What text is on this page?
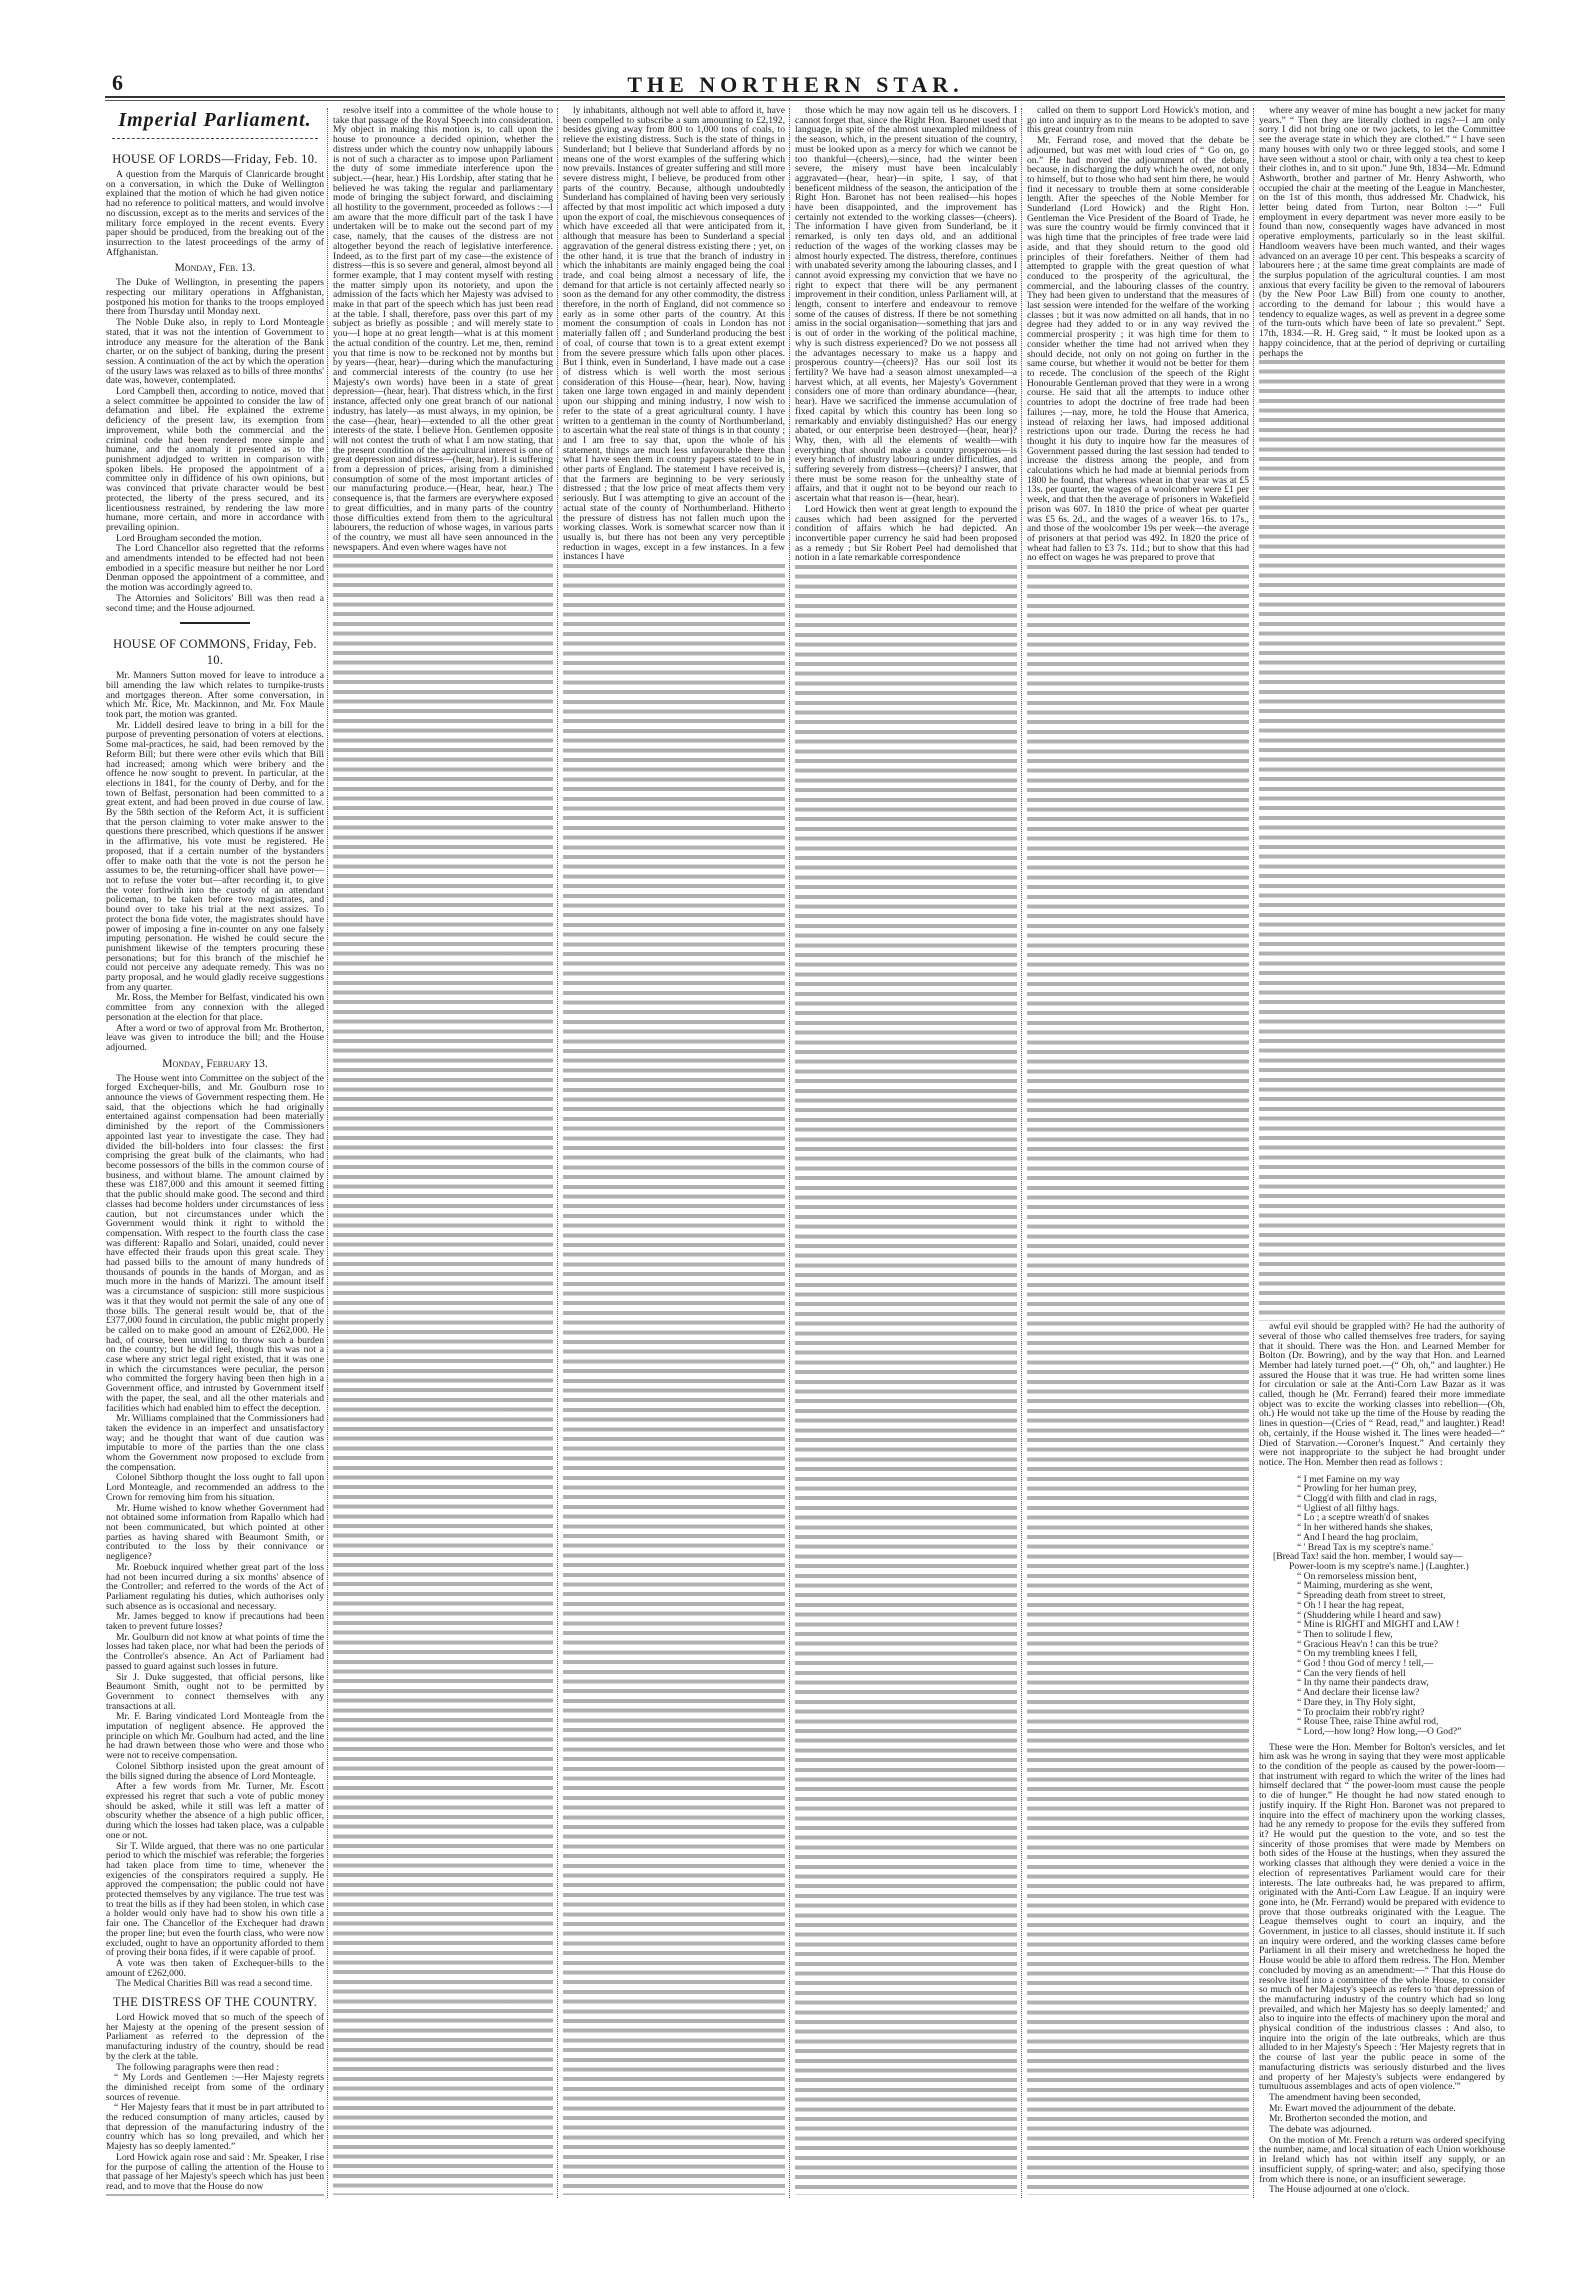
6	THE NORTHERN STAR.
Imperial Parliament.
HOUSE OF LORDS—Friday, Feb. 10.

A question from the Marquis of Clanricarde brought on a conversation, in which the Duke of Wellington explained that the motion of which he had given notice had no reference to political matters, and would involve no discussion, except as to the merits and services of the military force employed in the recent events. Every paper should be produced, from the breaking out of the insurrection to the latest proceedings of the army of Affghanistan.

Monday, Feb. 13.

The Duke of Wellington, in presenting the papers respecting our military operations in Affghanistan, postponed his motion for thanks to the troops employed there from Thursday until Monday next.

The Noble Duke also, in reply to Lord Monteagle stated, that it was not the intention of Government to introduce any measure for the alteration of the Bank charter, or on the subject of banking, during the present session. A continuation of the act by which the operation of the usury laws was relaxed as to bills of three months' date was, however, contemplated.

Lord Campbell then, according to notice, moved that a select committee be appointed to consider the law of defamation and libel. He explained the extreme deficiency of the present law, its exemption from improvement, while both the commercial and the criminal code had been rendered more simple and humane, and the anomaly it presented as to the punishment adjudged to written in comparison with spoken libels. He proposed the appointment of a committee only in diffidence of his own opinions, but was convinced that private character would be best protected, the liberty of the press secured, and its licentiousness restrained, by rendering the law more humane, more certain, and more in accordance with prevailing opinion.

Lord Brougham seconded the motion.

The Lord Chancellor also regretted that the reforms and amendments intended to be effected had not been embodied in a specific measure but neither he nor Lord Denman opposed the appointment of a committee, and the motion was accordingly agreed to.

The Attornies and Solicitors' Bill was then read a second time; and the House adjourned.

HOUSE OF COMMONS, Friday, Feb. 10.

Mr. Manners Sutton moved for leave to introduce a bill amending the law which relates to turnpike-trusts and mortgages thereon. After some conversation, in which Mr. Rice, Mr. Mackinnon, and Mr. Fox Maule took part, the motion was granted.

Mr. Liddell desired leave to bring in a bill for the purpose of preventing personation of voters at elections. Some mal-practices, he said, had been removed by the Reform Bill; but there were other evils which that Bill had increased; among which were bribery and the offence he now sought to prevent. In particular, at the elections in 1841, for the county of Derby, and for the town of Belfast, personation had been committed to a great extent, and had been proved in due course of law. By the 58th section of the Reform Act, it is sufficient that the person claiming to voter make answer to the questions there prescribed, which questions if he answer in the affirmative, his vote must be registered. He proposed, that if a certain number of the bystanders offer to make oath that the vote is not the person he assumes to be, the returning-officer shall have power—not to refuse the voter but—after recording it, to give the voter forthwith into the custody of an attendant policeman, to be taken before two magistrates, and bound over to take his trial at the next assizes. To protect the bona fide voter, the magistrates should have power of imposing a fine in-counter on any one falsely imputing personation. He wished he could secure the punishment likewise of the tempters procuring these personations; but for this branch of the mischief he could not perceive any adequate remedy. This was no party proposal, and he would gladly receive suggestions from any quarter.

Mr. Ross, the Member for Belfast, vindicated his own committee from any connexion with the alleged personation at the election for that place.

After a word or two of approval from Mr. Brotherton, leave was given to introduce the bill; and the House adjourned.

Monday, February 13.

The House went into Committee on the subject of the forged Exchequer-bills, and Mr. Goulburn rose to announce the views of Government respecting them. He said, that the objections which he had originally entertained against compensation had been materially diminished by the report of the Commissioners appointed last year to investigate the case. They had divided the bill-holders into four classes: the first comprising the great bulk of the claimants, who had become possessors of the bills in the common course of business, and without blame. The amount claimed by these was £187,000 and this amount it seemed fitting that the public should make good. The second and third classes had become holders under circumstances of less caution, but not circumstances under which the Government would think it right to withold the compensation. With respect to the fourth class the case was different: Rapallo and Solari, unaided, could never have effected their frauds upon this great scale. They had passed bills to the amount of many hundreds of thousands of pounds in the hands of Morgan, and as much more in the hands of Marizzi. The amount itself was a circumstance of suspicion: still more suspicious was it that they would not permit the sale of any one of those bills. The general result would be, that of the £377,000 found in circulation, the public might properly be called on to make good an amount of £262,000. He had, of course, been unwilling to throw such a burden on the country; but he did feel, though this was not a case where any strict legal right existed, that it was one in which the circumstances were peculiar, the person who committed the forgery having been then high in a Government office, and intrusted by Government itself with the paper, the seal, and all the other materials and facilities which had enabled him to effect the deception.

Mr. Williams complained that the Commissioners had taken the evidence in an imperfect and unsatisfactory way; and he thought that want of due caution was imputable to more of the parties than the one class whom the Government now proposed to exclude from the compensation.

Colonel Sibthorp thought the loss ought to fall upon Lord Monteagle, and recommended an address to the Crown for removing him from his situation.

Mr. Hume wished to know whether Government had not obtained some information from Rapallo which had not been communicated, but which pointed at other parties as having shared with Beaumont Smith, or contributed to the loss by their connivance or negligence?

Mr. Roebuck inquired whether great part of the loss had not been incurred during a six months' absence of the Controller; and referred to the words of the Act of Parliament regulating his duties, which authorises only such absence as is occasional and necessary.

Mr. James begged to know if precautions had been taken to prevent future losses?

Mr. Goulburn did not know at what points of time the losses had taken place, nor what had been the periods of the Controller's absence. An Act of Parliament had passed to guard against such losses in future.

Sir J. Duke suggested, that official persons, like Beaumont Smith, ought not to be permitted by Government to connect themselves with any transactions at all.

Mr. F. Baring vindicated Lord Monteagle from the imputation of negligent absence. He approved the principle on which Mr. Goulburn had acted, and the line he had drawn between those who were and those who were not to receive compensation.

Colonel Sibthorp insisted upon the great amount of the bills signed during the absence of Lord Monteagle.

After a few words from Mr. Turner, Mr. Escott expressed his regret that such a vote of public money should be asked, while it still was left a matter of obscurity whether the absence of a high public officer, during which the losses had taken place, was a culpable one or not.

Sir T. Wilde argued, that there was no one particular period to which the mischief was referable; the forgeries had taken place from time to time, whenever the exigencies of the conspirators required a supply. He approved the compensation; the public could not have protected themselves by any vigilance. The true test was to treat the bills as if they had been stolen, in which case a holder would only have had to show his own title a fair one. The Chancellor of the Exchequer had drawn the proper line; but even the fourth class, who were now excluded, ought to have an opportunity afforded to them of proving their bona fides, if it were capable of proof.

A vote was then taken of Exchequer-bills to the amount of £262,000.

The Medical Charities Bill was read a second time.

THE DISTRESS OF THE COUNTRY.

Lord Howick moved that so much of the speech of her Majesty at the opening of the present session of Parliament as referred to the depression of the manufacturing industry of the country, should be read by the clerk at the table.

The following paragraphs were then read :

“ My Lords and Gentlemen :—Her Majesty regrets the diminished receipt from some of the ordinary sources of revenue.

“ Her Majesty fears that it must be in part attributed to the reduced consumption of many articles, caused by that depression of the manufacturing industry of the country which has so long prevailed, and which her Majesty has so deeply lamented.”

Lord Howick again rose and said : Mr. Speaker, I rise for the purpose of calling the attention of the House to that passage of her Majesty's speech which has just been read, and to move that the House do now

resolve itself into a committee of the whole house to take that passage of the Royal Speech into consideration. My object in making this motion is, to call upon the house to pronounce a decided opinion, whether the distress under which the country now unhappily labours is not of such a character as to impose upon Parliament the duty of some immediate interference upon the subject.—(hear, hear.) His Lordship, after stating that he believed he was taking the regular and parliamentary mode of bringing the subject forward, and disclaiming all hostility to the government, proceeded as follows :—I am aware that the more difficult part of the task I have undertaken will be to make out the second part of my case, namely, that the causes of the distress are not altogether beyond the reach of legislative interference. Indeed, as to the first part of my case—the existence of distress—this is so severe and general, almost beyond all former example, that I may content myself with resting the matter simply upon its notoriety, and upon the admission of the facts which her Majesty was advised to make in that part of the speech which has just been read at the table. I shall, therefore, pass over this part of my subject as briefly as possible ; and will merely state to you—I hope at no great length—what is at this moment the actual condition of the country. Let me, then, remind you that time is now to be reckoned not by months but by years—(hear, hear)—during which the manufacturing and commercial interests of the country (to use her Majesty's own words) have been in a state of great depression—(hear, hear). That distress which, in the first instance, affected only one great branch of our national industry, has lately—as must always, in my opinion, be the case—(hear, hear)—extended to all the other great interests of the state. I believe Hon. Gentlemen opposite will not contest the truth of what I am now stating, that the present condition of the agricultural interest is one of great depression and distress—(hear, hear). It is suffering from a depression of prices, arising from a diminished consumption of some of the most important articles of our manufacturing produce.—(Hear, hear, hear.) The consequence is, that the farmers are everywhere exposed to great difficulties, and in many parts of the country those difficulties extend from them to the agricultural labourers, the reduction of whose wages, in various parts of the country, we must all have seen announced in the newspapers. And even where wages have not

ly inhabitants, although not well able to afford it, have been compelled to subscribe a sum amounting to £2,192, besides giving away from 800 to 1,000 tons of coals, to relieve the existing distress. Such is the state of things in Sunderland; but I believe that Sunderland affords by no means one of the worst examples of the suffering which now prevails. Instances of greater suffering and still more severe distress might, I believe, be produced from other parts of the country. Because, although undoubtedly Sunderland has complained of having been very seriously affected by that most impolitic act which imposed a duty upon the export of coal, the mischievous consequences of which have exceeded all that were anticipated from it, although that measure has been to Sunderland a special aggravation of the general distress existing there ; yet, on the other hand, it is true that the branch of industry in which the inhabitants are mainly engaged being the coal trade, and coal being almost a necessary of life, the demand for that article is not certainly affected nearly so soon as the demand for any other commodity, the distress therefore, in the north of England, did not commence so early as in some other parts of the country. At this moment the consumption of coals in London has not materially fallen off ; and Sunderland producing the best of coal, of course that town is to a great extent exempt from the severe pressure which falls upon other places. But I think, even in Sunderland, I have made out a case of distress which is well worth the most serious consideration of this House—(hear, hear). Now, having taken one large town engaged in and mainly dependent upon our shipping and mining industry, I now wish to refer to the state of a great agricultural county. I have written to a gentleman in the county of Northumberland, to ascertain what the real state of things is in that county ; and I am free to say that, upon the whole of his statement, things are much less unfavourable there than what I have seen them in country papers stated to be in other parts of England. The statement I have received is, that the farmers are beginning to be very seriously distressed ; that the low price of meat affects them very seriously. But I was attempting to give an account of the actual state of the county of Northumberland. Hitherto the pressure of distress has not fallen much upon the working classes. Work is somewhat scarcer now than it usually is, but there has not been any very perceptible reduction in wages, except in a few instances. In a few instances I have

those which he may now again tell us he discovers. I cannot forget that, since the Right Hon. Baronet used that language, in spite of the almost unexampled mildness of the season, which, in the present situation of the country, must be looked upon as a mercy for which we cannot be too thankful—(cheers),—since, had the winter been severe, the misery must have been incalculably aggravated—(hear, hear)—in spite, I say, of that beneficent mildness of the season, the anticipation of the Right Hon. Baronet has not been realised—his hopes have been disappointed, and the improvement has certainly not extended to the working classes—(cheers). The information I have given from Sunderland, be it remarked, is only ten days old, and an additional reduction of the wages of the working classes may be almost hourly expected. The distress, therefore, continues with unabated severity among the labouring classes, and I cannot avoid expressing my conviction that we have no right to expect that there will be any permanent improvement in their condition, unless Parliament will, at length, consent to interfere and endeavour to remove some of the causes of distress. If there be not something amiss in the social organisation—something that jars and is out of order in the working of the political machine, why is such distress experienced? Do we not possess all the advantages necessary to make us a happy and prosperous country—(cheers)? Has our soil lost its fertility? We have had a season almost unexampled—a harvest which, at all events, her Majesty's Government considers one of more than ordinary abundance—(hear, hear). Have we sacrificed the immense accumulation of fixed capital by which this country has been long so remarkably and enviably distinguished? Has our energy abated, or our enterprise been destroyed—(hear, hear)? Why, then, with all the elements of wealth—with everything that should make a country prosperous—is every branch of industry labouring under difficulties, and suffering severely from distress—(cheers)? I answer, that there must be some reason for the unhealthy state of affairs, and that it ought not to be beyond our reach to ascertain what that reason is—(hear, hear).

Lord Howick then went at great length to expound the causes which had been assigned for the perverted condition of affairs which he had depicted. An inconvertible paper currency he said had been proposed as a remedy ; but Sir Robert Peel had demolished that notion in a late remarkable correspondence

called on them to support Lord Howick's motion, and go into and inquiry as to the means to be adopted to save this great country from ruin

Mr. Ferrand rose, and moved that the debate be adjourned, but was met with loud cries of “ Go on, go on.” He had moved the adjournment of the debate, because, in discharging the duty which he owed, not only to himself, but to those who had sent him there, he would find it necessary to trouble them at some considerable length. After the speeches of the Noble Member for Sunderland (Lord Howick) and the Right Hon. Gentleman the Vice President of the Board of Trade, he was sure the country would be firmly convinced that it was high time that the principles of free trade were laid aside, and that they should return to the good old principles of their forefathers. Neither of them had attempted to grapple with the great question of what conduced to the prosperity of the agricultural, the commercial, and the labouring classes of the country. They had been given to understand that the measures of last session were intended for the welfare of the working classes ; but it was now admitted on all hands, that in no degree had they added to or in any way revived the commercial prosperity ; it was high time for them to consider whether the time had not arrived when they should decide, not only on not going on further in the same course, but whether it would not be better for them to recede. The conclusion of the speech of the Right Honourable Gentleman proved that they were in a wrong course. He said that all the attempts to induce other countries to adopt the doctrine of free trade had been failures ;—nay, more, he told the House that America, instead of relaxing her laws, had imposed additional restrictions upon our trade. During the recess he had thought it his duty to inquire how far the measures of Government passed during the last session had tended to increase the distress among the people, and from calculations which he had made at biennial periods from 1800 he found, that whereas wheat in that year was at £5 13s. per quarter, the wages of a woolcomber were £1 per week, and that then the average of prisoners in Wakefield prison was 607. In 1810 the price of wheat per quarter was £5 6s. 2d., and the wages of a weaver 16s. to 17s., and those of the woolcomber 19s per week—the average of prisoners at that period was 492. In 1820 the price of wheat had fallen to £3 7s. 11d.; but to show that this had no effect on wages he was prepared to prove that

where any weaver of mine has bought a new jacket for many years.” “ Then they are literally clothed in rags?—I am only sorry I did not bring one or two jackets, to let the Committee see the average state in which they are clothed.” “ I have seen many houses with only two or three legged stools, and some I have seen without a stool or chair, with only a tea chest to keep their clothes in, and to sit upon.” June 9th, 1834—Mr. Edmund Ashworth, brother and partner of Mr. Henry Ashworth, who occupied the chair at the meeting of the League in Manchester, on the 1st of this month, thus addressed Mr. Chadwick, his letter being dated from Turton, near Bolton :—“ Full employment in every department was never more easily to be found than now, consequently wages have advanced in most operative employments, particularly so in the least skilful. Handloom weavers have been much wanted, and their wages advanced on an average 10 per cent. This bespeaks a scarcity of labourers here ; at the same time great complaints are made of the surplus population of the agricultural counties. I am most anxious that every facility be given to the removal of labourers (by the New Poor Law Bill) from one county to another, according to the demand for labour ; this would have a tendency to equalize wages, as well as prevent in a degree some of the turn-outs which have been of late so prevalent.” Sept. 17th, 1834.—R. H. Greg said, “ It must be looked upon as a happy coincidence, that at the period of depriving or curtailing perhaps the

awful evil should be grappled with? He had the authority of several of those who called themselves free traders, for saying that it should. There was the Hon. and Learned Member for Bolton (Dr. Bowring), and by the way that Hon. and Learned Member had lately turned poet.—(“ Oh, oh,” and laughter.) He assured the House that it was true. He had written some lines for circulation or sale at the Anti-Corn Law Bazar as it was called, though he (Mr. Ferrand) feared their more immediate object was to excite the working classes into rebellion—(Oh, oh.) He would not take up the time of the House by reading the lines in question—(Cries of “ Read, read,” and laughter.) Read! oh, certainly, if the House wished it. The lines were headed—“ Died of Starvation.—Coroner's Inquest.” And certainly they were not inappropriate to the subject he had brought under notice. The Hon. Member then read as follows :

“ I met Famine on my way
“ Prowling for her human prey,
“ Clogg'd with filth and clad in rags,
“ Ugliest of all filthy hags.
“ Lo ; a sceptre wreath'd of snakes
“ In her withered hands she shakes,
“ And I heard the hag proclaim,
“ ' Bread Tax is my sceptre's name.'
[Bread Tax! said the hon. member, I would say—
Power-loom is my sceptre's name.] (Laughter.)
“ On remorseless mission bent,
“ Maiming, murdering as she went,
“ Spreading death from street to street,
“ Oh ! I hear the hag repeat,
“ (Shuddering while I heard and saw)
“ Mine is RIGHT and MIGHT and LAW !
“ Then to solitude I flew,
“ Gracious Heav'n ! can this be true?
“ On my trembling knees I fell,
“ God ! thou God of mercy ! tell,—
“ Can the very fiends of hell
“ In thy name their pandects draw,
“ And declare their license law?
“ Dare they, in Thy Holy sight,
“ To proclaim their robb'ry right?
“ Rouse Thee, raise Thine awful rod,
“ Lord,—how long? How long,—O God?”

These were the Hon. Member for Bolton's versicles, and let him ask was he wrong in saying that they were most applicable to the condition of the people as caused by the power-loom—that instrument with regard to which the writer of the lines had himself declared that “ the power-loom must cause the people to die of hunger.” He thought he had now stated enough to justify inquiry. If the Right Hon. Baronet was not prepared to inquire into the effect of machinery upon the working classes, had he any remedy to propose for the evils they suffered from it? He would put the question to the vote, and so test the sincerity of those promises that were made by Members on both sides of the House at the hustings, when they assured the working classes that although they were denied a voice in the election of representatives Parliament would care for their interests. The late outbreaks had, he was prepared to affirm, originated with the Anti-Corn Law League. If an inquiry were gone into, he (Mr. Ferrand) would be prepared with evidence to prove that those outbreaks originated with the League. The League themselves ought to court an inquiry, and the Government, in justice to all classes, should institute it. If such an inquiry were ordered, and the working classes came before Parliament in all their misery and wretchedness he hoped the House would be able to afford them redress. The Hon. Member concluded by moving as an amendment:—“ That this House do resolve itself into a committee of the whole House, to consider so much of her Majesty's speech as refers to 'that depression of the manufacturing industry of the country which had so long prevailed, and which her Majesty has so deeply lamented;' and also to inquire into the effects of machinery upon the moral and physical condition of the industrious classes : And also, to inquire into the origin of the late outbreaks, which are thus alluded to in her Majesty's Speech : 'Her Majesty regrets that in the course of last year the public peace in some of the manufacturing districts was seriously disturbed and the lives and property of her Majesty's subjects were endangered by tumultuous assemblages and acts of open violence.'”

The amendment having been seconded,

Mr. Ewart moved the adjournment of the debate.

Mr. Brotherton seconded the motion, and

The debate was adjourned.

On the motion of Mr. French a return was ordered specifying the number, name, and local situation of each Union workhouse in Ireland which has not within itself any supply, or an insufficient supply, of spring-water; and also, specifying those from which there is none, or an insufficient sewerage.

The House adjourned at one o'clock.
